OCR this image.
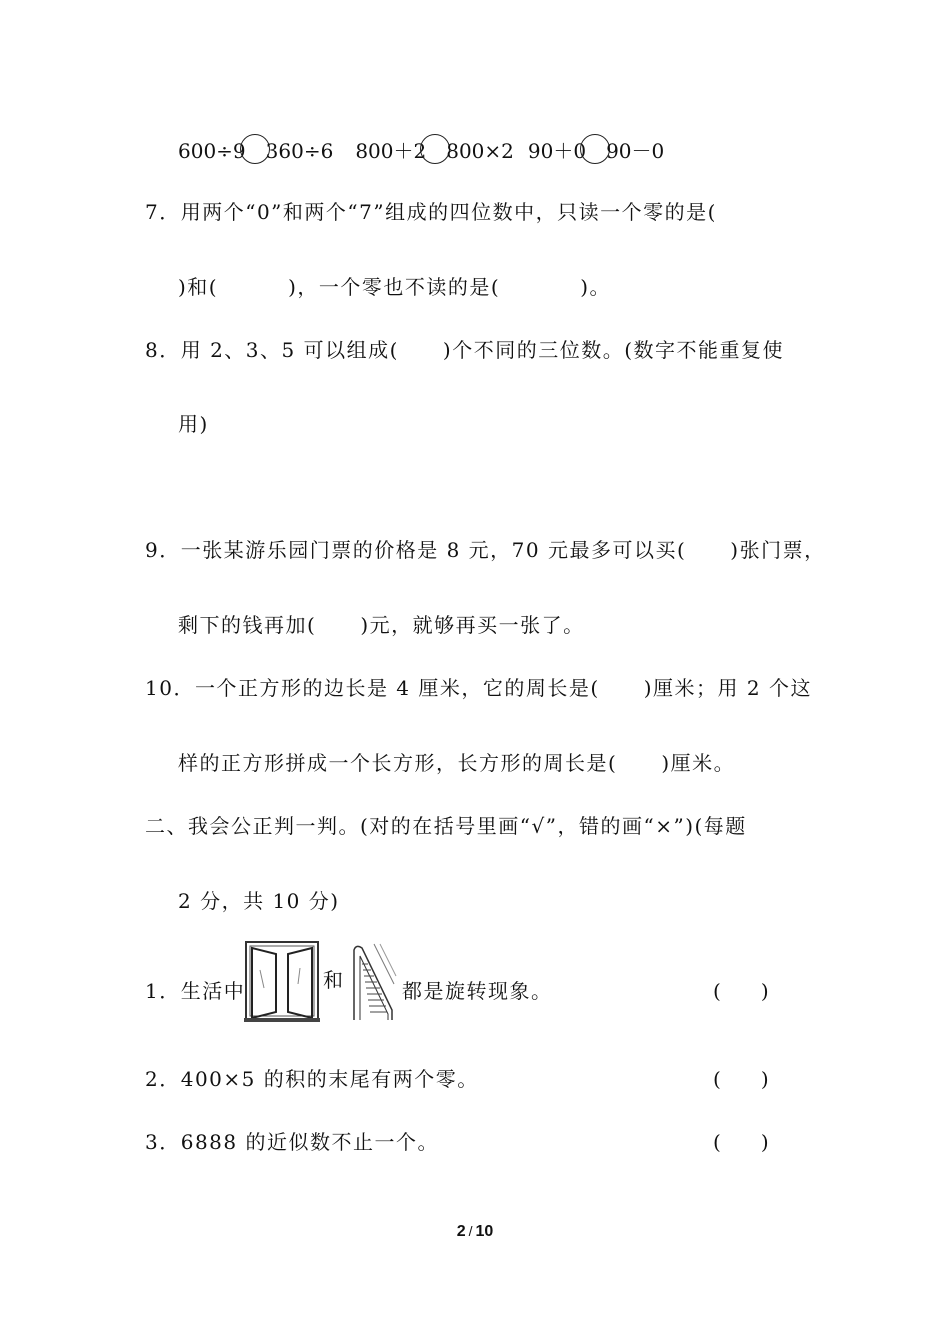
600÷9 360÷6 800＋2 800×2 90＋0 90－0
7．用两个“0”和两个“7”组成的四位数中，只读一个零的是(
)和(	)，一个零也不读的是(	)。
8．用 2、3、5 可以组成( )个不同的三位数。(数字不能重复使
用)
9．一张某游乐园门票的价格是 8 元，70 元最多可以买( )张门票，
剩下的钱再加( )元，就够再买一张了。
10．一个正方形的边长是 4 厘米，它的周长是( )厘米；用 2 个这
样的正方形拼成一个长方形，长方形的周长是( )厘米。
二、我会公正判一判。(对的在括号里画“√”，错的画“×”)(每题
2 分，共 10 分)
1．生活中	和	都是旋转现象。	( )
2．400×5 的积的末尾有两个零。	( )
3．6888 的近似数不止一个。	( )
2 / 10
